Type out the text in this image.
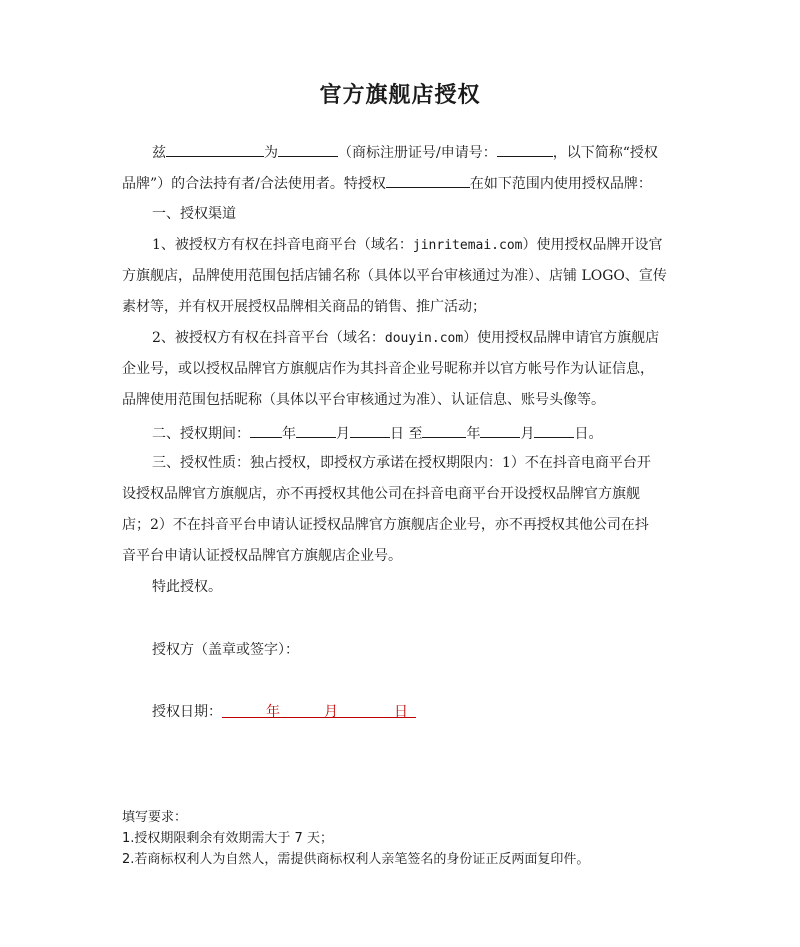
官方旗舰店授权
兹	为	（商标注册证号/申请号：	，以下简称“授权
品牌”）的合法持有者/合法使用者。特授权	在如下范围内使用授权品牌：
一、授权渠道
1、被授权方有权在抖音电商平台（域名：jinritemai.com）使用授权品牌开设官
方旗舰店，品牌使用范围包括店铺名称（具体以平台审核通过为准）、店铺 LOGO、宣传
素材等，并有权开展授权品牌相关商品的销售、推广活动；
2、被授权方有权在抖音平台（域名：douyin.com）使用授权品牌申请官方旗舰店
企业号，或以授权品牌官方旗舰店作为其抖音企业号昵称并以官方帐号作为认证信息，
品牌使用范围包括昵称（具体以平台审核通过为准）、认证信息、账号头像等。
二、授权期间： 年	月	日 至	年	月	日。
三、授权性质：独占授权，即授权方承诺在授权期限内：1）不在抖音电商平台开
设授权品牌官方旗舰店，亦不再授权其他公司在抖音电商平台开设授权品牌官方旗舰
店；2）不在抖音平台申请认证授权品牌官方旗舰店企业号，亦不再授权其他公司在抖
音平台申请认证授权品牌官方旗舰店企业号。
特此授权。
授权方（盖章或签字）：
授权日期：	年	月	日
填写要求：
1.授权期限剩余有效期需大于 7 天；
2.若商标权利人为自然人，需提供商标权利人亲笔签名的身份证正反两面复印件。
